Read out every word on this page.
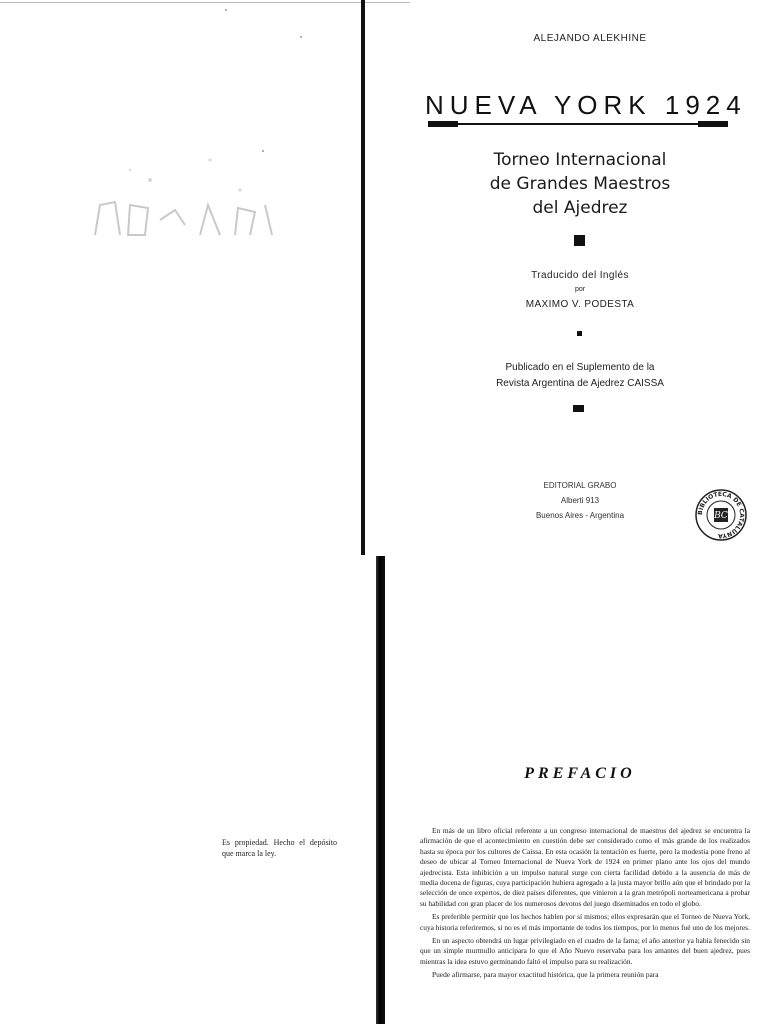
Es propiedad. Hecho el depósito que marca la ley.
ALEJANDO ALEKHINE
NUEVA YORK 1924
Torneo Internacional
de Grandes Maestros
del Ajedrez
Traducido del Inglés
por
MAXIMO V. PODESTA
Publicado en el Suplemento de la
Revista Argentina de Ajedrez CAISSA
EDITORIAL GRABO
Alberti 913
Buenos Aires - Argentina	BIBLIOTECA DE CATALUNYA
BC
PREFACIO

En más de un libro oficial referente a un congreso internacional de maestros del ajedrez se encuentra la afirmación de que el acontecimiento en cuestión debe ser considerado como el más grande de los realizados hasta su época por los cultores de Caissa. En esta ocasión la tentación es fuerte, pero la modestia pone freno al deseo de ubicar al Torneo Internacional de Nueva York de 1924 en primer plano ante los ojos del mundo ajedrecista. Esta inhibición a un impulso natural surge con cierta facilidad debido a la ausencia de más de media docena de figuras, cuya participación hubiera agregado a la justa mayor brillo aún que el brindado por la selección de once expertos, de diez países diferentes, que vinieron a la gran metrópoli norteamericana a probar su habilidad con gran placer de los numerosos devotos del juego diseminados en todo el globo.

Es preferible permitir que los hechos hablen por sí mismos; ellos expresarán que el Torneo de Nueva York, cuya historia referiremos, si no es el más importante de todos los tiempos, por lo menos fué uno de los mejores.

En un aspecto obtendrá un lugar privilegiado en el cuadro de la fama; el año anterior ya había fenecido sin que un simple murmullo anticipara lo que el Año Nuevo reservaba para los amantes del buen ajedrez, pues mientras la idea estuvo germinando faltó el impulso para su realización.

Puede afirmarse, para mayor exactitud histórica, que la primera reunión para
